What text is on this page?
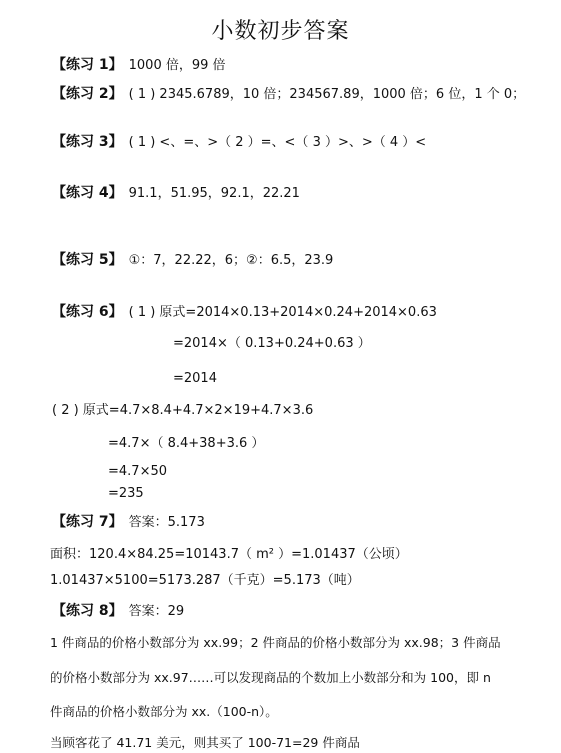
小数初步答案
【练习 1】 1000 倍，99 倍
【练习 2】 ( 1 ) 2345.6789，10 倍；234567.89，1000 倍；6 位，1 个 0；
【练习 3】 ( 1 ) <、=、>（ 2 ）=、<（ 3 ）>、>（ 4 ）<
【练习 4】 91.1，51.95，92.1，22.21
【练习 5】 ①：7，22.22，6；②：6.5，23.9
【练习 6】 ( 1 ) 原式=2014×0.13+2014×0.24+2014×0.63
=2014×（ 0.13+0.24+0.63 ）
=2014
( 2 ) 原式=4.7×8.4+4.7×2×19+4.7×3.6
=4.7×（ 8.4+38+3.6 ）
=4.7×50
=235
【练习 7】 答案：5.173
面积：120.4×84.25=10143.7（ m² ）=1.01437（公顷）
1.01437×5100=5173.287（千克）=5.173（吨）
【练习 8】 答案：29
1 件商品的价格小数部分为 xx.99；2 件商品的价格小数部分为 xx.98；3 件商品
的价格小数部分为 xx.97……可以发现商品的个数加上小数部分和为 100，即 n
件商品的价格小数部分为 xx.（100-n）。
当顾客花了 41.71 美元，则其买了 100-71=29 件商品
